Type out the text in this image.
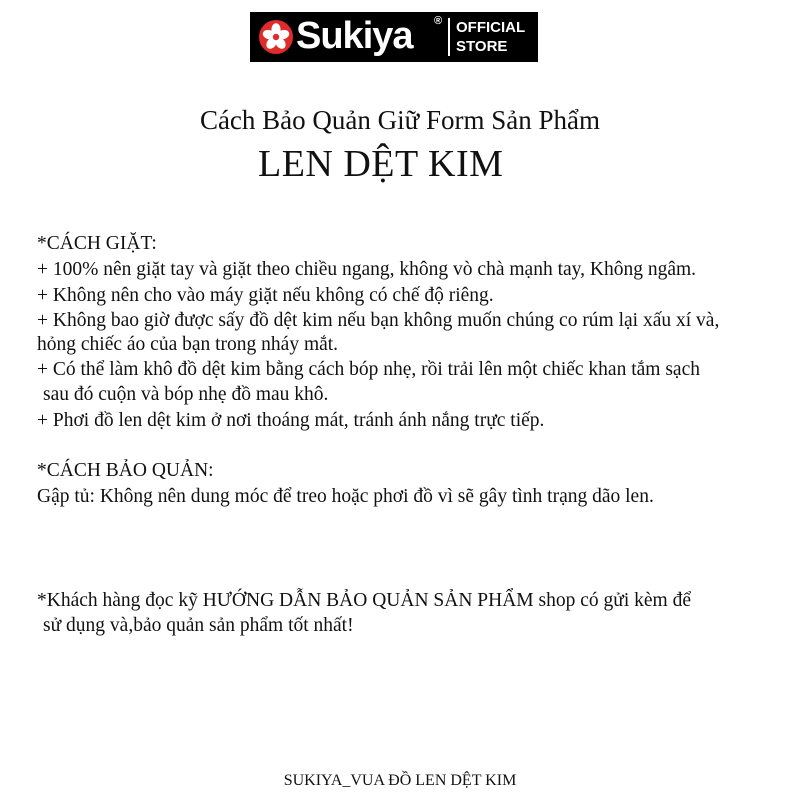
Sukiya ® OFFICIAL
STORE
Cách Bảo Quản Giữ Form Sản Phẩm
LEN DỆT KIM
*CÁCH GIẶT:
+ 100% nên giặt tay và giặt theo chiều ngang, không vò chà mạnh tay, Không ngâm.
+ Không nên cho vào máy giặt nếu không có chế độ riêng.
+ Không bao giờ được sấy đồ dệt kim nếu bạn không muốn chúng co rúm lại xấu xí và,
hỏng chiếc áo của bạn trong nháy mắt.
+ Có thể làm khô đồ dệt kim bằng cách bóp nhẹ, rồi trải lên một chiếc khan tắm sạch
sau đó cuộn và bóp nhẹ đồ mau khô.
+ Phơi đồ len dệt kim ở nơi thoáng mát, tránh ánh nắng trực tiếp.
*CÁCH BẢO QUẢN:
Gập tủ: Không nên dung móc để treo hoặc phơi đồ vì sẽ gây tình trạng dão len.
*Khách hàng đọc kỹ HƯỚNG DẪN BẢO QUẢN SẢN PHẨM shop có gửi kèm để
sử dụng và,bảo quản sản phẩm tốt nhất!
SUKIYA_VUA ĐỒ LEN DỆT KIM
